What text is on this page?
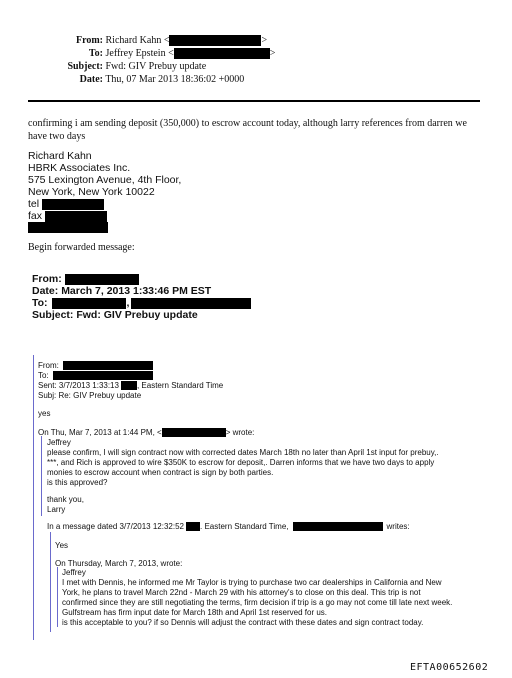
From: Richard Kahn <	>
To: Jeffrey Epstein <	>
Subject: Fwd: GIV Prebuy update
Date: Thu, 07 Mar 2013 18:36:02 +0000
confirming i am sending deposit (350,000) to escrow account today, although larry references from darren we
have two days
Richard Kahn
HBRK Associates Inc.
575 Lexington Avenue, 4th Floor,
New York, New York 10022
tel
fax
Begin forwarded message:
From:
Date: March 7, 2013 1:33:46 PM EST
To:	,
Subject: Fwd: GIV Prebuy update
From:
To:
Sent: 3/7/2013 1:33:13 , Eastern Standard Time
Subj: Re: GIV Prebuy update
yes
On Thu, Mar 7, 2013 at 1:44 PM, <	> wrote:
Jeffrey
please confirm, I will sign contract now with corrected dates March 18th no later than April 1st input for prebuy,.
***, and Rich is approved to wire $350K to escrow for deposit,. Darren informs that we have two days to apply
monies to escrow account when contract is sign by both parties.
is this approved?
thank you,
Larry
In a message dated 3/7/2013 12:32:52 . Eastern Standard Time,	writes:
Yes
On Thursday, March 7, 2013, wrote:
Jeffrey
I met with Dennis, he informed me Mr Taylor is trying to purchase two car dealerships in California and New
York, he plans to travel March 22nd - March 29 with his attorney's to close on this deal. This trip is not
confirmed since they are still negotiating the terms, firm decision if trip is a go may not come till late next week.
Gulfstream has firm input date for March 18th and April 1st reserved for us.
is this acceptable to you? if so Dennis will adjust the contract with these dates and sign contract today.
EFTA00652602
